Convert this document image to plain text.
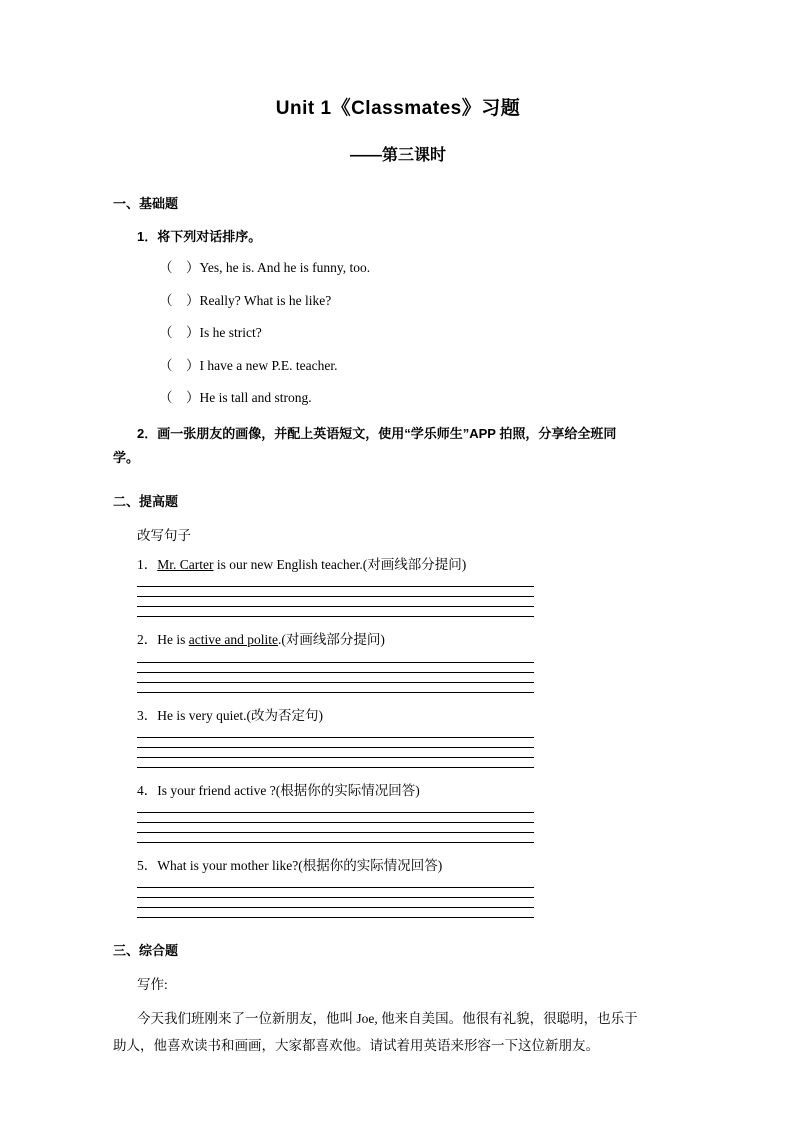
Unit 1《Classmates》习题
——第三课时
一、基础题
1．将下列对话排序。
（　）Yes, he is. And he is funny, too.
（　）Really? What is he like?
（　）Is he strict?
（　）I have a new P.E. teacher.
（　）He is tall and strong.
2．画一张朋友的画像，并配上英语短文，使用“学乐师生”APP 拍照，分享给全班同
学。
二、提高题
改写句子
1．Mr. Carter is our new English teacher.(对画线部分提问)
2．He is active and polite.(对画线部分提问)
3．He is very quiet.(改为否定句)
4．Is your friend active ?(根据你的实际情况回答)
5．What is your mother like?(根据你的实际情况回答)
三、综合题
写作:
今天我们班刚来了一位新朋友，他叫 Joe, 他来自美国。他很有礼貌，很聪明，也乐于
助人，他喜欢读书和画画，大家都喜欢他。请试着用英语来形容一下这位新朋友。
